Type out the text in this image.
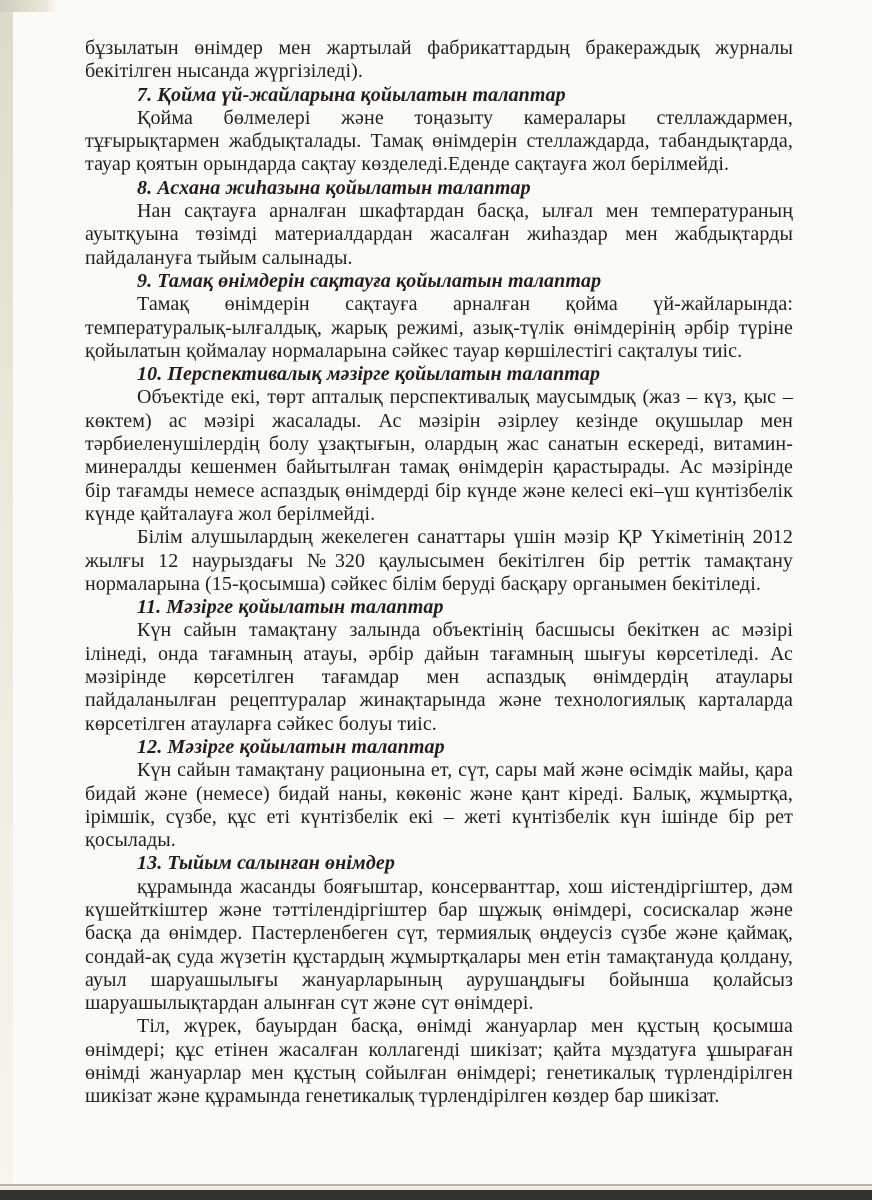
бұзылатын өнімдер мен жартылай фабрикаттардың бракераждық журналы бекітілген нысанда жүргізіледі).

7. Қойма үй-жайларына қойылатын талаптар

Қойма бөлмелері және тоңазыту камералары стеллаждармен, тұғырықтармен жабдықталады. Тамақ өнімдерін стеллаждарда, табандықтарда, тауар қоятын орындарда сақтау көзделеді.Еденде сақтауға жол берілмейді.

8. Асхана жиһазына қойылатын талаптар

Нан сақтауға арналған шкафтардан басқа, ылғал мен температураның ауытқуына төзімді материалдардан жасалған жиһаздар мен жабдықтарды пайдалануға тыйым салынады.

9. Тамақ өнімдерін сақтауға қойылатын талаптар

Тамақ өнімдерін сақтауға арналған қойма үй-жайларында: температуралық-ылғалдық, жарық режимі, азық-түлік өнімдерінің әрбір түріне қойылатын қоймалау нормаларына сәйкес тауар көршілестігі сақталуы тиіс.

10. Перспективалық мәзірге қойылатын талаптар

Объектіде екі, төрт апталық перспективалық маусымдық (жаз – күз, қыс – көктем) ас мәзірі жасалады. Ас мәзірін әзірлеу кезінде оқушылар мен тәрбиеленушілердің болу ұзақтығын, олардың жас санатын ескереді, витамин-минералды кешенмен байытылған тамақ өнімдерін қарастырады. Ас мәзірінде бір тағамды немесе аспаздық өнімдерді бір күнде және келесі екі–үш күнтізбелік күнде қайталауға жол берілмейді.

Білім алушылардың жекелеген санаттары үшін мәзір ҚР Үкіметінің 2012 жылғы 12 наурыздағы №320 қаулысымен бекітілген бір реттік тамақтану нормаларына (15-қосымша) сәйкес білім беруді басқару органымен бекітіледі.

11. Мәзірге қойылатын талаптар

Күн сайын тамақтану залында объектінің басшысы бекіткен ас мәзірі ілінеді, онда тағамның атауы, әрбір дайын тағамның шығуы көрсетіледі. Ас мәзірінде көрсетілген тағамдар мен аспаздық өнімдердің атаулары пайдаланылған рецептуралар жинақтарында және технологиялық карталарда көрсетілген атауларға сәйкес болуы тиіс.

12. Мәзірге қойылатын талаптар

Күн сайын тамақтану рационына ет, сүт, сары май және өсімдік майы, қара бидай және (немесе) бидай наны, көкөніс және қант кіреді. Балық, жұмыртқа, ірімшік, сүзбе, құс еті күнтізбелік екі – жеті күнтізбелік күн ішінде бір рет қосылады.

13. Тыйым салынған өнімдер

құрамында жасанды бояғыштар, консерванттар, хош иістендіргіштер, дәм күшейткіштер және тәттілендіргіштер бар шұжық өнімдері, сосискалар және басқа да өнімдер. Пастерленбеген сүт, термиялық өңдеусіз сүзбе және қаймақ, сондай-ақ суда жүзетін құстардың жұмыртқалары мен етін тамақтануда қолдану, ауыл шаруашылығы жануарларының аурушаңдығы бойынша қолайсыз шаруашылықтардан алынған сүт және сүт өнімдері.

Тіл, жүрек, бауырдан басқа, өнімді жануарлар мен құстың қосымша өнімдері; құс етінен жасалған коллагенді шикізат; қайта мұздатуға ұшыраған өнімді жануарлар мен құстың сойылған өнімдері; генетикалық түрлендірілген шикізат және құрамында генетикалық түрлендірілген көздер бар шикізат.
